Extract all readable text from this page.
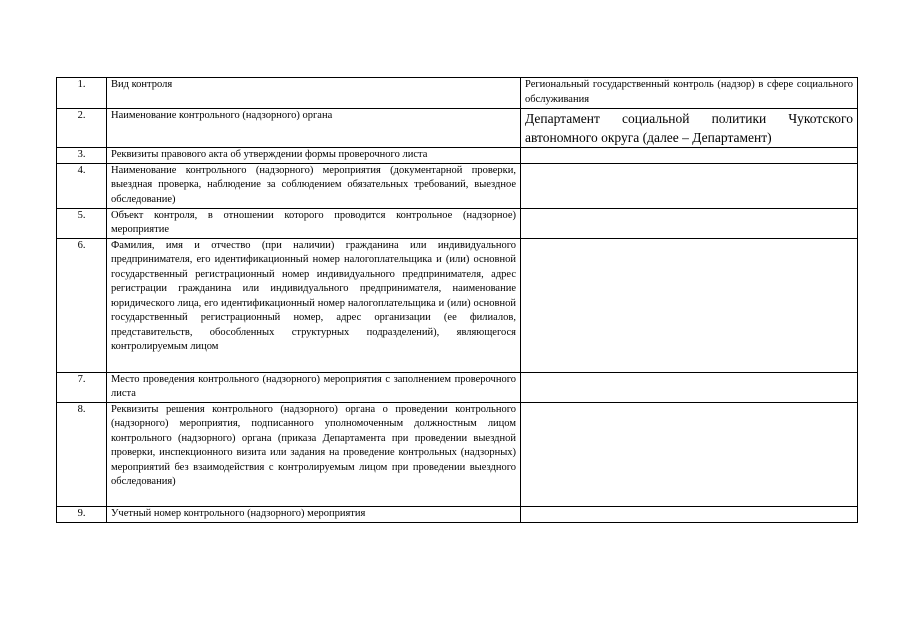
1.	Вид контроля	Региональный государственный контроль (надзор) в сфере социального обслуживания
2.	Наименование контрольного (надзорного) органа	Департамент социальной политики Чукотского автономного округа (далее – Департамент)
3.	Реквизиты правового акта об утверждении формы проверочного листа	
4.	Наименование контрольного (надзорного) мероприятия (документарной проверки, выездная проверка, наблюдение за соблюдением обязательных требований, выездное обследование)	
5.	Объект контроля, в отношении которого проводится контрольное (надзорное) мероприятие	
6.	Фамилия, имя и отчество (при наличии) гражданина или индивидуального предпринимателя, его идентификационный номер налогоплательщика и (или) основной государственный регистрационный номер индивидуального предпринимателя, адрес регистрации гражданина или индивидуального предпринимателя, наименование юридического лица, его идентификационный номер налогоплательщика и (или) основной государственный регистрационный номер, адрес организации (ее филиалов, представительств, обособленных структурных подразделений), являющегося контролируемым лицом	
7.	Место проведения контрольного (надзорного) мероприятия с заполнением проверочного листа	
8.	Реквизиты решения контрольного (надзорного) органа о проведении контрольного (надзорного) мероприятия, подписанного уполномоченным должностным лицом контрольного (надзорного) органа (приказа Департамента при проведении выездной проверки, инспекционного визита или задания на проведение контрольных (надзорных) мероприятий без взаимодействия с контролируемым лицом при проведении выездного обследования)	
9.	Учетный номер контрольного (надзорного) мероприятия	
